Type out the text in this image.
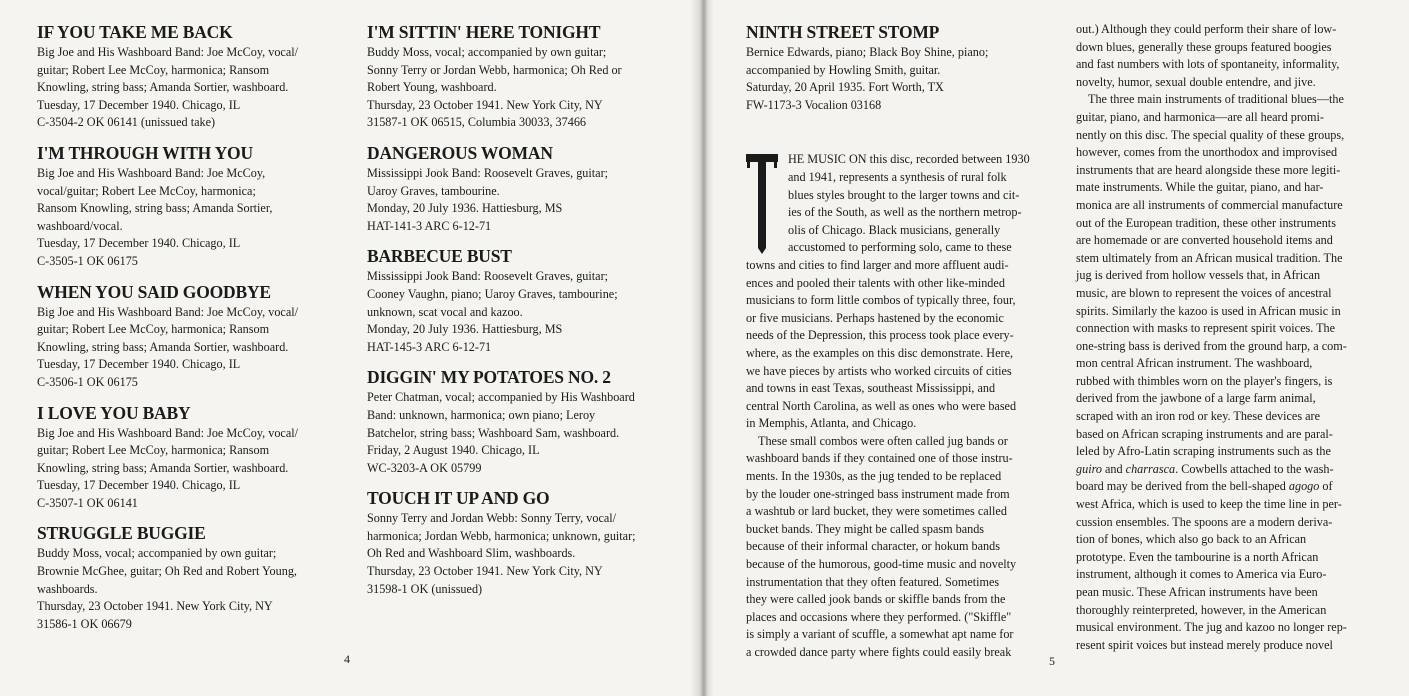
IF YOU TAKE ME BACK
Big Joe and His Washboard Band: Joe McCoy, vocal/
guitar; Robert Lee McCoy, harmonica; Ransom
Knowling, string bass; Amanda Sortier, washboard.
Tuesday, 17 December 1940. Chicago, IL
C-3504-2 OK 06141 (unissued take)
I'M THROUGH WITH YOU
Big Joe and His Washboard Band: Joe McCoy,
vocal/guitar; Robert Lee McCoy, harmonica;
Ransom Knowling, string bass; Amanda Sortier,
washboard/vocal.
Tuesday, 17 December 1940. Chicago, IL
C-3505-1 OK 06175
WHEN YOU SAID GOODBYE
Big Joe and His Washboard Band: Joe McCoy, vocal/
guitar; Robert Lee McCoy, harmonica; Ransom
Knowling, string bass; Amanda Sortier, washboard.
Tuesday, 17 December 1940. Chicago, IL
C-3506-1 OK 06175
I LOVE YOU BABY
Big Joe and His Washboard Band: Joe McCoy, vocal/
guitar; Robert Lee McCoy, harmonica; Ransom
Knowling, string bass; Amanda Sortier, washboard.
Tuesday, 17 December 1940. Chicago, IL
C-3507-1 OK 06141
STRUGGLE BUGGIE
Buddy Moss, vocal; accompanied by own guitar;
Brownie McGhee, guitar; Oh Red and Robert Young,
washboards.
Thursday, 23 October 1941. New York City, NY
31586-1 OK 06679
I'M SITTIN' HERE TONIGHT
Buddy Moss, vocal; accompanied by own guitar;
Sonny Terry or Jordan Webb, harmonica; Oh Red or
Robert Young, washboard.
Thursday, 23 October 1941. New York City, NY
31587-1 OK 06515, Columbia 30033, 37466
DANGEROUS WOMAN
Mississippi Jook Band: Roosevelt Graves, guitar;
Uaroy Graves, tambourine.
Monday, 20 July 1936. Hattiesburg, MS
HAT-141-3 ARC 6-12-71
BARBECUE BUST
Mississippi Jook Band: Roosevelt Graves, guitar;
Cooney Vaughn, piano; Uaroy Graves, tambourine;
unknown, scat vocal and kazoo.
Monday, 20 July 1936. Hattiesburg, MS
HAT-145-3 ARC 6-12-71
DIGGIN' MY POTATOES NO. 2
Peter Chatman, vocal; accompanied by His Washboard
Band: unknown, harmonica; own piano; Leroy
Batchelor, string bass; Washboard Sam, washboard.
Friday, 2 August 1940. Chicago, IL
WC-3203-A OK 05799
TOUCH IT UP AND GO
Sonny Terry and Jordan Webb: Sonny Terry, vocal/
harmonica; Jordan Webb, harmonica; unknown, guitar;
Oh Red and Washboard Slim, washboards.
Thursday, 23 October 1941. New York City, NY
31598-1 OK (unissued)
4
NINTH STREET STOMP
Bernice Edwards, piano; Black Boy Shine, piano;
accompanied by Howling Smith, guitar.
Saturday, 20 April 1935. Fort Worth, TX
FW-1173-3 Vocalion 03168
HE MUSIC ON this disc, recorded between 1930
and 1941, represents a synthesis of rural folk
blues styles brought to the larger towns and cit-
ies of the South, as well as the northern metrop-
olis of Chicago. Black musicians, generally
accustomed to performing solo, came to these
towns and cities to find larger and more affluent audi-
ences and pooled their talents with other like-minded
musicians to form little combos of typically three, four,
or five musicians. Perhaps hastened by the economic
needs of the Depression, this process took place every-
where, as the examples on this disc demonstrate. Here,
we have pieces by artists who worked circuits of cities
and towns in east Texas, southeast Mississippi, and
central North Carolina, as well as ones who were based
in Memphis, Atlanta, and Chicago.
These small combos were often called jug bands or
washboard bands if they contained one of those instru-
ments. In the 1930s, as the jug tended to be replaced
by the louder one-stringed bass instrument made from
a washtub or lard bucket, they were sometimes called
bucket bands. They might be called spasm bands
because of their informal character, or hokum bands
because of the humorous, good-time music and novelty
instrumentation that they often featured. Sometimes
they were called jook bands or skiffle bands from the
places and occasions where they performed. ("Skiffle"
is simply a variant of scuffle, a somewhat apt name for
a crowded dance party where fights could easily break
out.) Although they could perform their share of low-
down blues, generally these groups featured boogies
and fast numbers with lots of spontaneity, informality,
novelty, humor, sexual double entendre, and jive.
The three main instruments of traditional blues—the
guitar, piano, and harmonica—are all heard promi-
nently on this disc. The special quality of these groups,
however, comes from the unorthodox and improvised
instruments that are heard alongside these more legiti-
mate instruments. While the guitar, piano, and har-
monica are all instruments of commercial manufacture
out of the European tradition, these other instruments
are homemade or are converted household items and
stem ultimately from an African musical tradition. The
jug is derived from hollow vessels that, in African
music, are blown to represent the voices of ancestral
spirits. Similarly the kazoo is used in African music in
connection with masks to represent spirit voices. The
one-string bass is derived from the ground harp, a com-
mon central African instrument. The washboard,
rubbed with thimbles worn on the player's fingers, is
derived from the jawbone of a large farm animal,
scraped with an iron rod or key. These devices are
based on African scraping instruments and are paral-
leled by Afro-Latin scraping instruments such as the
guiro and charrasca. Cowbells attached to the wash-
board may be derived from the bell-shaped agogo of
west Africa, which is used to keep the time line in per-
cussion ensembles. The spoons are a modern deriva-
tion of bones, which also go back to an African
prototype. Even the tambourine is a north African
instrument, although it comes to America via Euro-
pean music. These African instruments have been
thoroughly reinterpreted, however, in the American
musical environment. The jug and kazoo no longer rep-
resent spirit voices but instead merely produce novel
5
